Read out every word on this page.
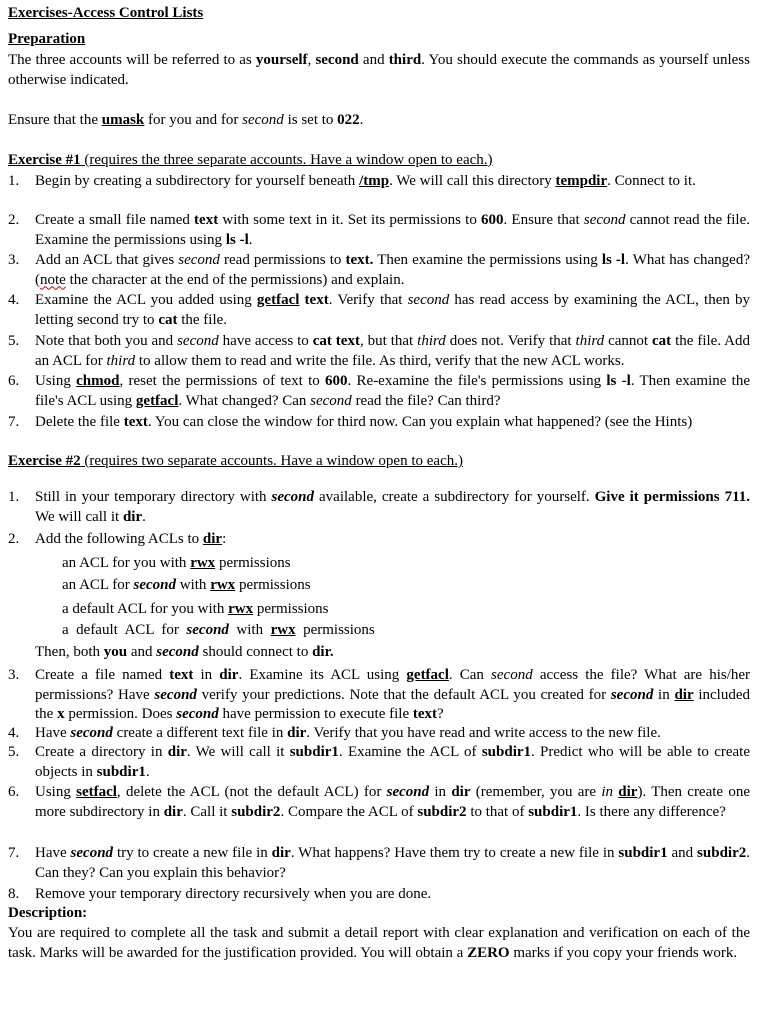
Exercises-Access Control Lists
Preparation
The three accounts will be referred to as yourself, second and third. You should execute the commands as yourself unless otherwise indicated.
Ensure that the umask for you and for second is set to 022.
Exercise #1 (requires the three separate accounts. Have a window open to each.)
1.	Begin by creating a subdirectory for yourself beneath /tmp. We will call this directory tempdir. Connect to it.
2.	Create a small file named text with some text in it. Set its permissions to 600. Ensure that second cannot read the file. Examine the permissions using ls -l.
3.	Add an ACL that gives second read permissions to text. Then examine the permissions using ls -l. What has changed? (note the character at the end of the permissions) and explain.
4.	Examine the ACL you added using getfacl text. Verify that second has read access by examining the ACL, then by letting second try to cat the file.
5.	Note that both you and second have access to cat text, but that third does not. Verify that third cannot cat the file. Add an ACL for third to allow them to read and write the file. As third, verify that the new ACL works.
6.	Using chmod, reset the permissions of text to 600. Re-examine the file's permissions using ls -l. Then examine the file's ACL using getfacl. What changed? Can second read the file? Can third?
7.	Delete the file text. You can close the window for third now. Can you explain what happened? (see the Hints)
Exercise #2 (requires two separate accounts. Have a window open to each.)
1.	Still in your temporary directory with second available, create a subdirectory for yourself. Give it permissions 711. We will call it dir.
2.	Add the following ACLs to dir:
an ACL for you with rwx permissions
an ACL for second with rwx permissions
a default ACL for you with rwx permissions
a  default  ACL  for  second  with  rwx  permissions
Then, both you and second should connect to dir.
3.	Create a file named text in dir. Examine its ACL using getfacl. Can second access the file? What are his/her permissions? Have second verify your predictions. Note that the default ACL you created for second in dir included the x permission. Does second have permission to execute file text?
4.	Have second create a different text file in dir. Verify that you have read and write access to the new file.
5.	Create a directory in dir. We will call it subdir1. Examine the ACL of subdir1. Predict who will be able to create objects in subdir1.
6.	Using setfacl, delete the ACL (not the default ACL) for second in dir (remember, you are in dir). Then create one more subdirectory in dir. Call it subdir2. Compare the ACL of subdir2 to that of subdir1. Is there any difference?
7.	Have second try to create a new file in dir. What happens? Have them try to create a new file in subdir1 and subdir2. Can they? Can you explain this behavior?
8.	Remove your temporary directory recursively when you are done.
Description:
You are required to complete all the task and submit a detail report with clear explanation and verification on each of the task. Marks will be awarded for the justification provided. You will obtain a ZERO marks if you copy your friends work.
